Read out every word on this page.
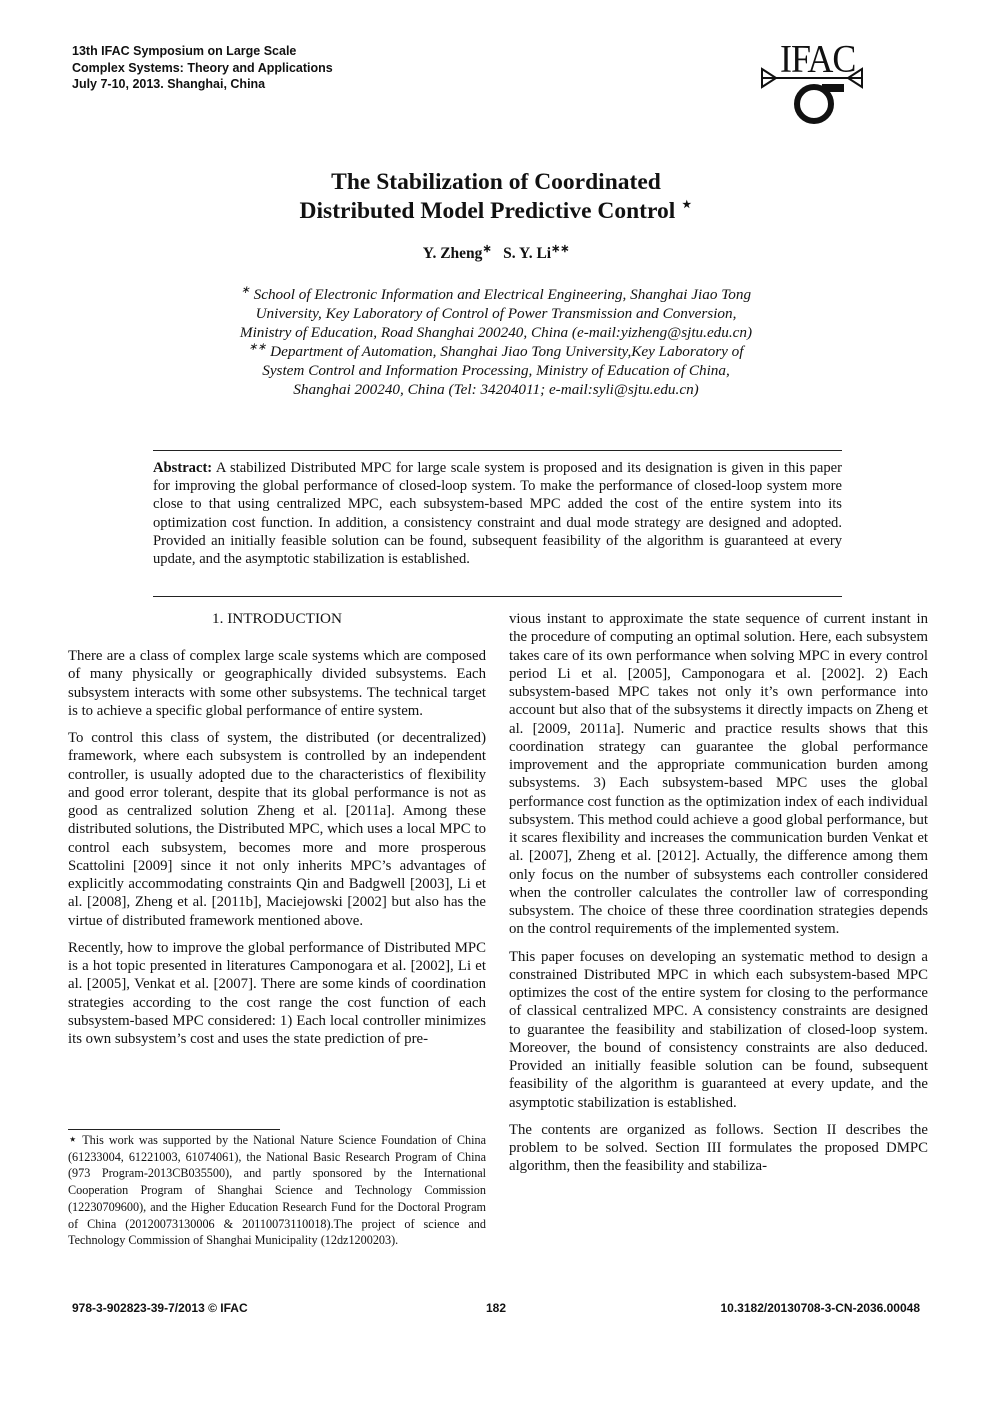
13th IFAC Symposium on Large Scale
Complex Systems: Theory and Applications
July 7-10, 2013. Shanghai, China
IFAC
The Stabilization of Coordinated
Distributed Model Predictive Control ⋆
Y. Zheng∗ S. Y. Li∗∗
∗ School of Electronic Information and Electrical Engineering, Shanghai Jiao Tong University, Key Laboratory of Control of Power Transmission and Conversion, Ministry of Education, Road Shanghai 200240, China (e-mail:yizheng@sjtu.edu.cn)
∗∗ Department of Automation, Shanghai Jiao Tong University,Key Laboratory of System Control and Information Processing, Ministry of Education of China, Shanghai 200240, China (Tel: 34204011; e-mail:syli@sjtu.edu.cn)
Abstract: A stabilized Distributed MPC for large scale system is proposed and its designation is given in this paper for improving the global performance of closed-loop system. To make the performance of closed-loop system more close to that using centralized MPC, each subsystem-based MPC added the cost of the entire system into its optimization cost function. In addition, a consistency constraint and dual mode strategy are designed and adopted. Provided an initially feasible solution can be found, subsequent feasibility of the algorithm is guaranteed at every update, and the asymptotic stabilization is established.
1. INTRODUCTION

There are a class of complex large scale systems which are composed of many physically or geographically divided subsystems. Each subsystem interacts with some other subsystems. The technical target is to achieve a specific global performance of entire system.

To control this class of system, the distributed (or decentralized) framework, where each subsystem is controlled by an independent controller, is usually adopted due to the characteristics of flexibility and good error tolerant, despite that its global performance is not as good as centralized solution Zheng et al. [2011a]. Among these distributed solutions, the Distributed MPC, which uses a local MPC to control each subsystem, becomes more and more prosperous Scattolini [2009] since it not only inherits MPC’s advantages of explicitly accommodating constraints Qin and Badgwell [2003], Li et al. [2008], Zheng et al. [2011b], Maciejowski [2002] but also has the virtue of distributed framework mentioned above.

Recently, how to improve the global performance of Distributed MPC is a hot topic presented in literatures Camponogara et al. [2002], Li et al. [2005], Venkat et al. [2007]. There are some kinds of coordination strategies according to the cost range the cost function of each subsystem-based MPC considered: 1) Each local controller minimizes its own subsystem’s cost and uses the state prediction of pre-

⋆ This work was supported by the National Nature Science Foundation of China (61233004, 61221003, 61074061), the National Basic Research Program of China (973 Program-2013CB035500), and partly sponsored by the International Cooperation Program of Shanghai Science and Technology Commission (12230709600), and the Higher Education Research Fund for the Doctoral Program of China (20120073130006 & 20110073110018).The project of science and Technology Commission of Shanghai Municipality (12dz1200203).

vious instant to approximate the state sequence of current instant in the procedure of computing an optimal solution. Here, each subsystem takes care of its own performance when solving MPC in every control period Li et al. [2005], Camponogara et al. [2002]. 2) Each subsystem-based MPC takes not only it’s own performance into account but also that of the subsystems it directly impacts on Zheng et al. [2009, 2011a]. Numeric and practice results shows that this coordination strategy can guarantee the global performance improvement and the appropriate communication burden among subsystems. 3) Each subsystem-based MPC uses the global performance cost function as the optimization index of each individual subsystem. This method could achieve a good global performance, but it scares flexibility and increases the communication burden Venkat et al. [2007], Zheng et al. [2012]. Actually, the difference among them only focus on the number of subsystems each controller considered when the controller calculates the controller law of corresponding subsystem. The choice of these three coordination strategies depends on the control requirements of the implemented system.

This paper focuses on developing an systematic method to design a constrained Distributed MPC in which each subsystem-based MPC optimizes the cost of the entire system for closing to the performance of classical centralized MPC. A consistency constraints are designed to guarantee the feasibility and stabilization of closed-loop system. Moreover, the bound of consistency constraints are also deduced. Provided an initially feasible solution can be found, subsequent feasibility of the algorithm is guaranteed at every update, and the asymptotic stabilization is established.

The contents are organized as follows. Section II describes the problem to be solved. Section III formulates the proposed DMPC algorithm, then the feasibility and stabiliza-

978-3-902823-39-7/2013 © IFAC	182	10.3182/20130708-3-CN-2036.00048
